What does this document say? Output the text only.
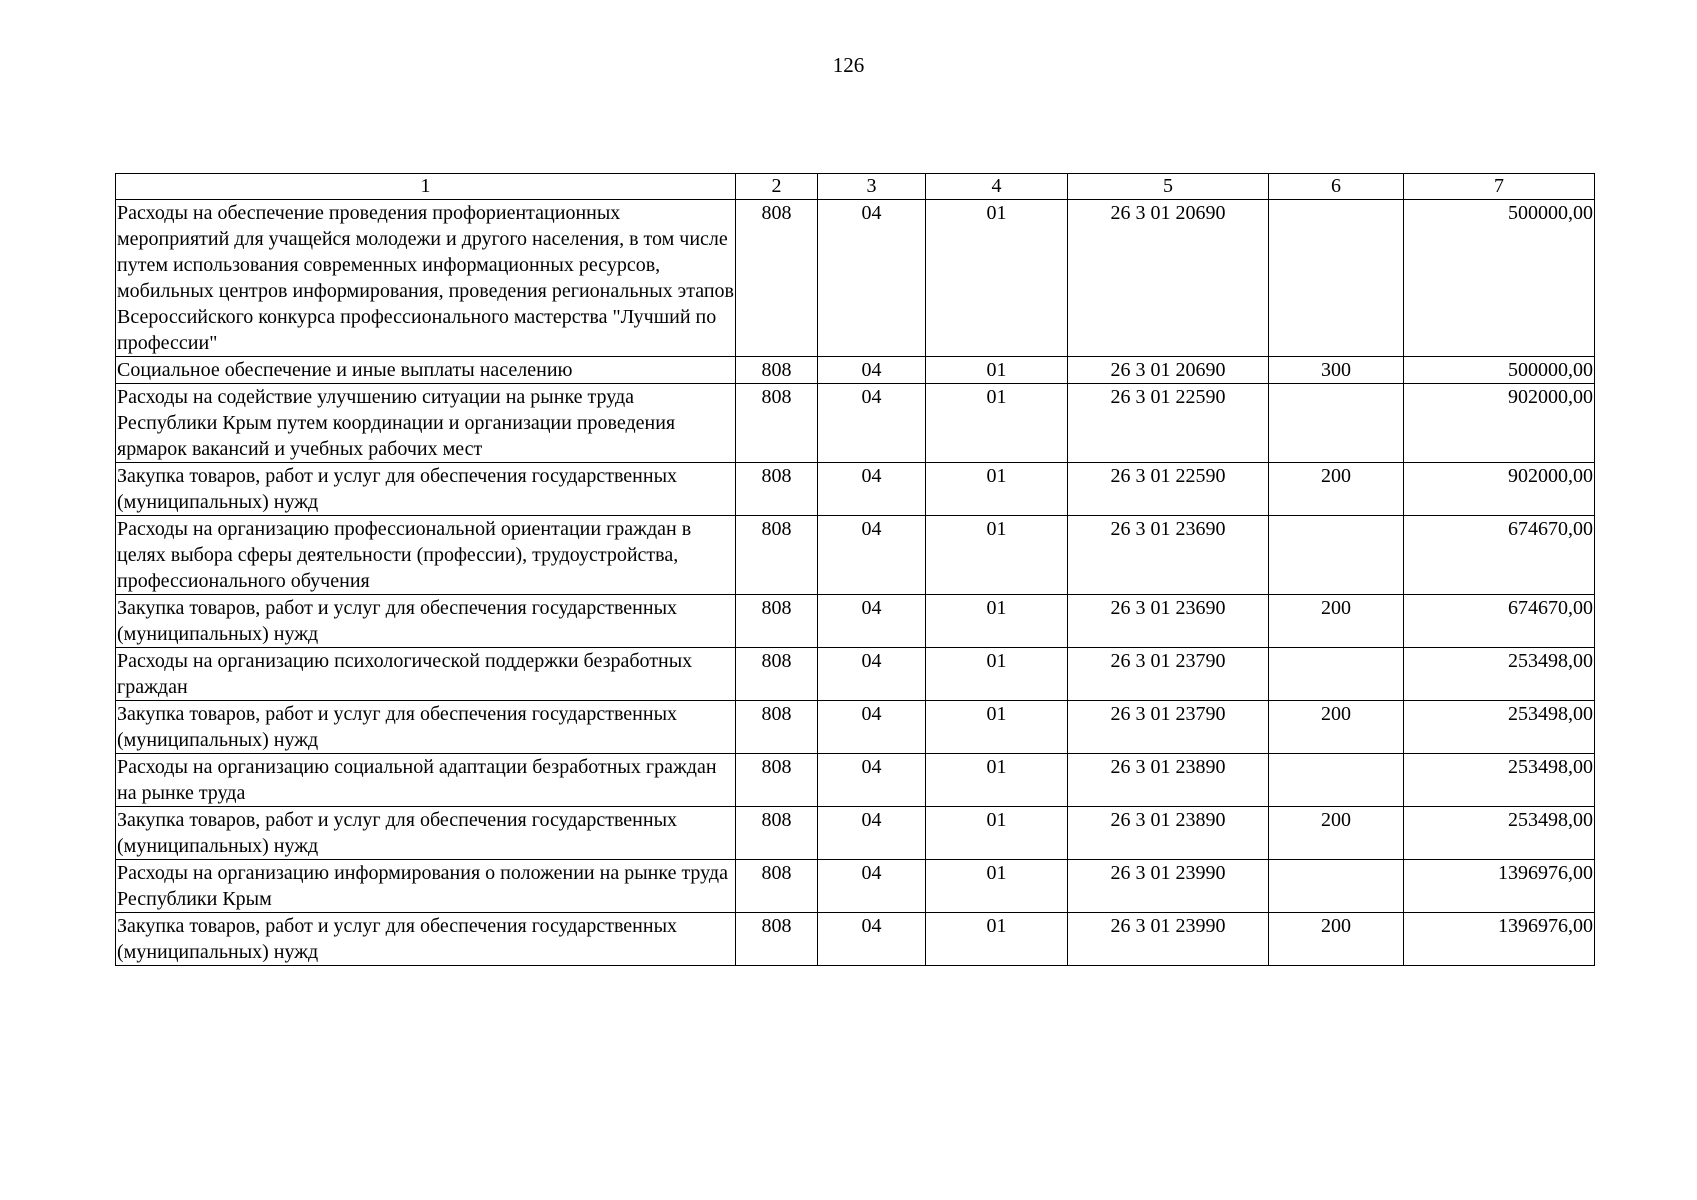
126
1	2	3	4	5	6	7
Расходы на обеспечение проведения профориентационных мероприятий для учащейся молодежи и другого населения, в том числе путем использования современных информационных ресурсов, мобильных центров информирования, проведения региональных этапов Всероссийского конкурса профессионального мастерства "Лучший по профессии"	808	04	01	26 3 01 20690		500000,00
Социальное обеспечение и иные выплаты населению	808	04	01	26 3 01 20690	300	500000,00
Расходы на содействие улучшению ситуации на рынке труда Республики Крым путем координации и организации проведения ярмарок вакансий и учебных рабочих мест	808	04	01	26 3 01 22590		902000,00
Закупка товаров, работ и услуг для обеспечения государственных (муниципальных) нужд	808	04	01	26 3 01 22590	200	902000,00
Расходы на организацию профессиональной ориентации граждан в целях выбора сферы деятельности (профессии), трудоустройства, профессионального обучения	808	04	01	26 3 01 23690		674670,00
Закупка товаров, работ и услуг для обеспечения государственных (муниципальных) нужд	808	04	01	26 3 01 23690	200	674670,00
Расходы на организацию психологической поддержки безработных граждан	808	04	01	26 3 01 23790		253498,00
Закупка товаров, работ и услуг для обеспечения государственных (муниципальных) нужд	808	04	01	26 3 01 23790	200	253498,00
Расходы на организацию социальной адаптации безработных граждан на рынке труда	808	04	01	26 3 01 23890		253498,00
Закупка товаров, работ и услуг для обеспечения государственных (муниципальных) нужд	808	04	01	26 3 01 23890	200	253498,00
Расходы на организацию информирования о положении на рынке труда Республики Крым	808	04	01	26 3 01 23990		1396976,00
Закупка товаров, работ и услуг для обеспечения государственных (муниципальных) нужд	808	04	01	26 3 01 23990	200	1396976,00
